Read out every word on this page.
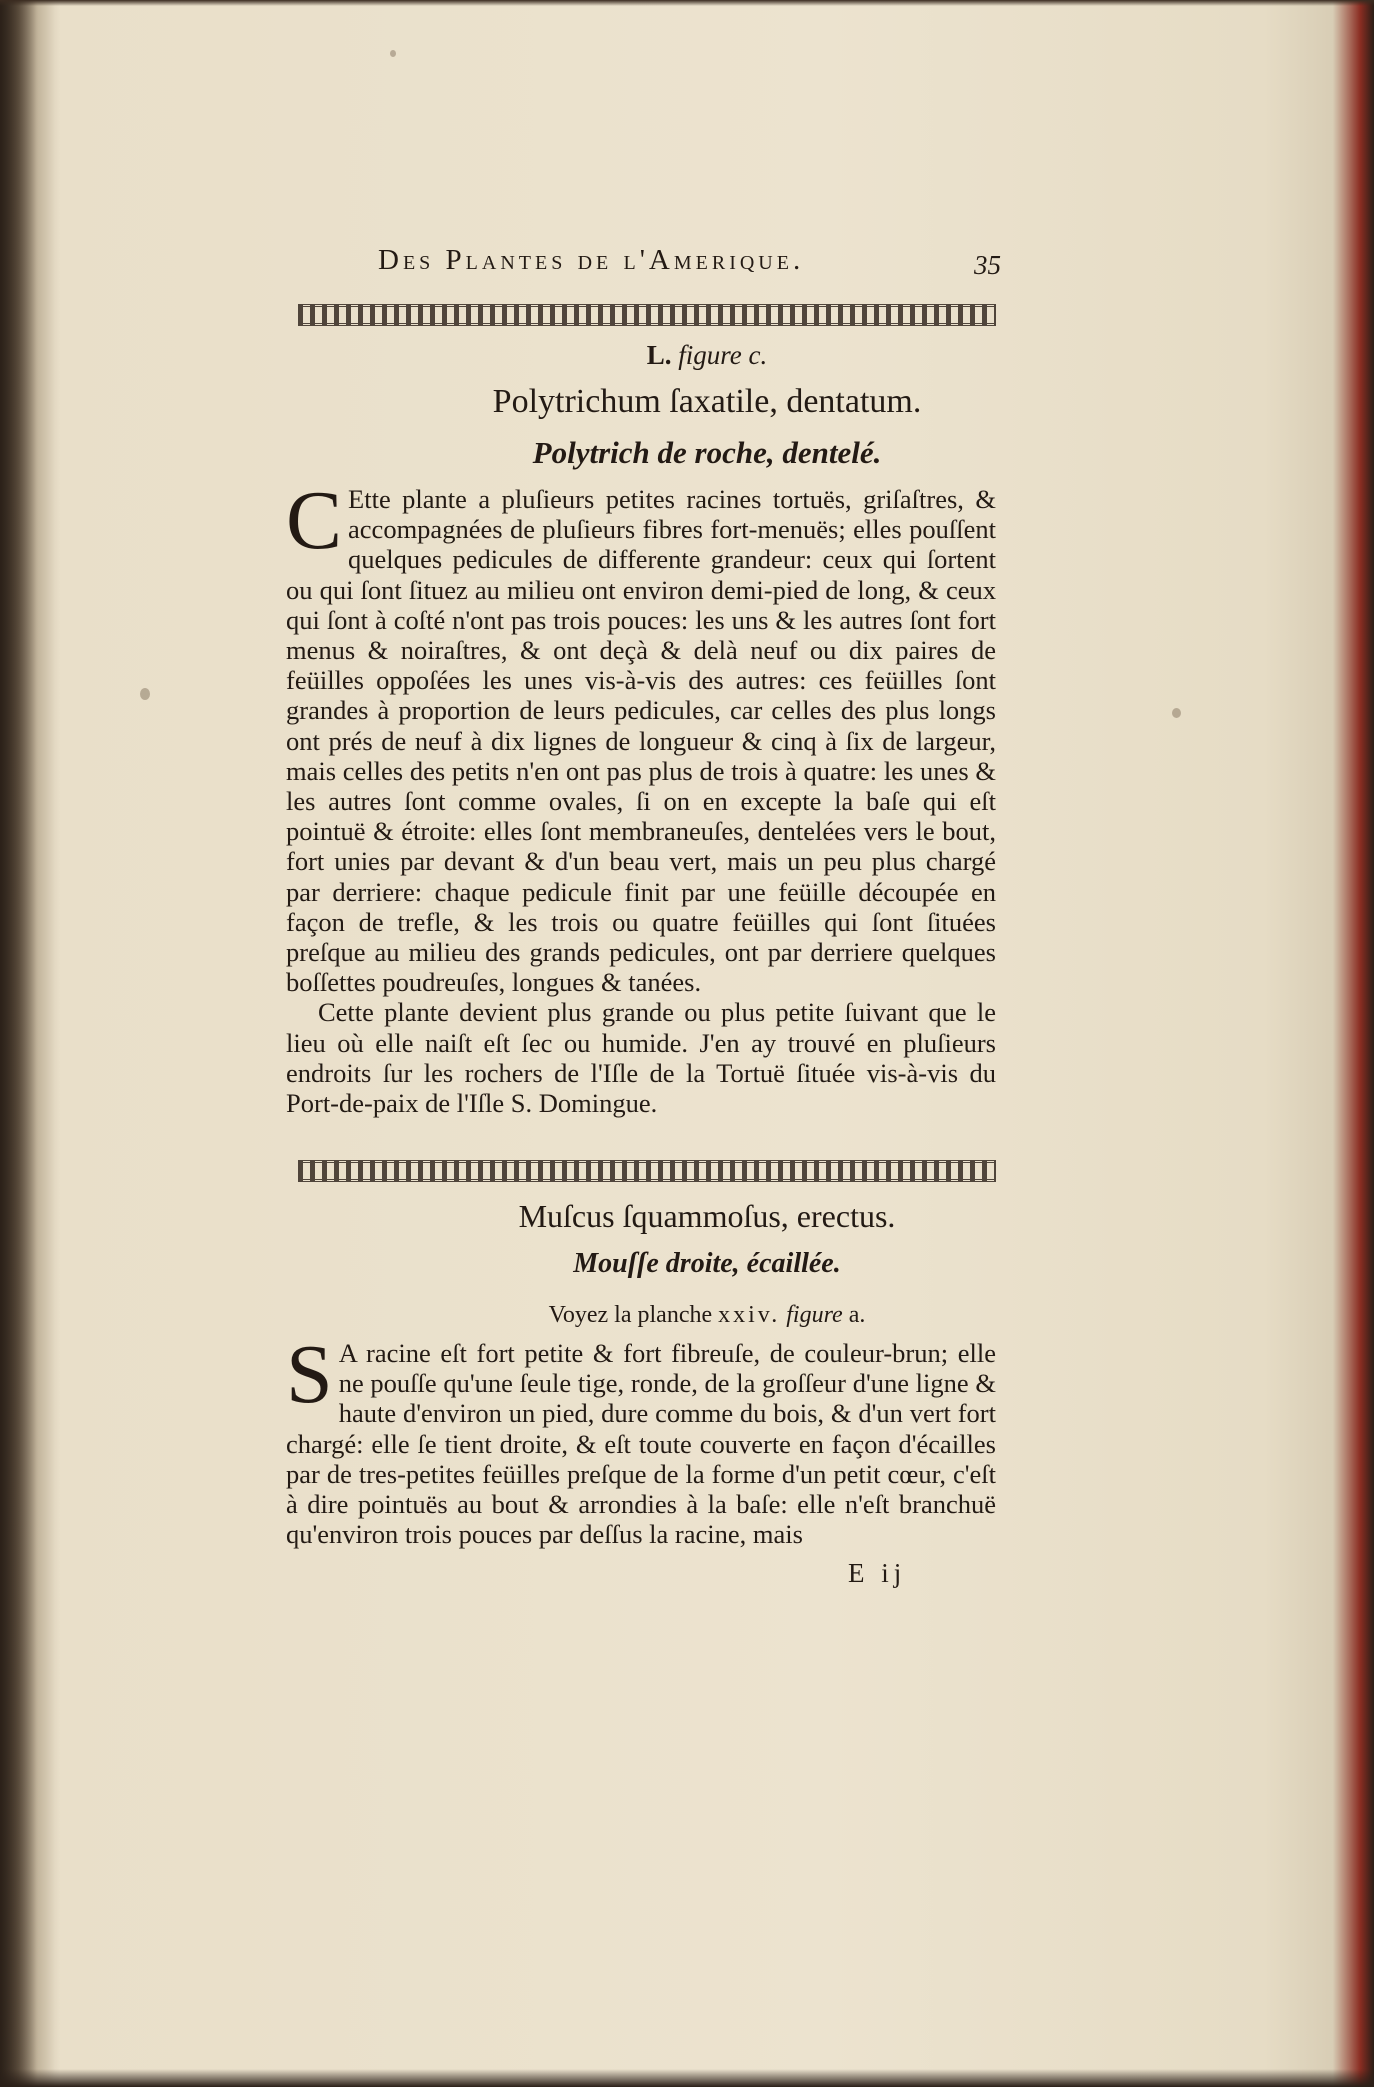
Des Plantes de l'Amerique.	35
L. figure c.
Polytrichum ſaxatile, dentatum.
Polytrich de roche, dentelé.

C Ette plante a pluſieurs petites racines tortuës, griſaſtres, & accompagnées de pluſieurs fibres fort-menuës; elles pouſſent quelques pedicules de differente grandeur: ceux qui ſortent ou qui ſont ſituez au milieu ont environ demi-pied de long, & ceux qui ſont à coſté n'ont pas trois pouces: les uns & les autres ſont fort menus & noiraſtres, & ont deçà & delà neuf ou dix paires de feüilles oppoſées les unes vis-à-vis des autres: ces feüilles ſont grandes à proportion de leurs pedicules, car celles des plus longs ont prés de neuf à dix lignes de longueur & cinq à ſix de largeur, mais celles des petits n'en ont pas plus de trois à quatre: les unes & les autres ſont comme ovales, ſi on en excepte la baſe qui eſt pointuë & étroite: elles ſont membraneuſes, dentelées vers le bout, fort unies par devant & d'un beau vert, mais un peu plus chargé par derriere: chaque pedicule finit par une feüille découpée en façon de trefle, & les trois ou quatre feüilles qui ſont ſituées preſque au milieu des grands pedicules, ont par derriere quelques boſſettes poudreuſes, longues & tanées.

Cette plante devient plus grande ou plus petite ſuivant que le lieu où elle naiſt eſt ſec ou humide. J'en ay trouvé en pluſieurs endroits ſur les rochers de l'Iſle de la Tortuë ſituée vis-à-vis du Port-de-paix de l'Iſle S. Domingue.

Muſcus ſquammoſus, erectus.
Mouſſe droite, écaillée.
Voyez la planche xxiv. figure a.

S A racine eſt fort petite & fort fibreuſe, de couleur-brun; elle ne pouſſe qu'une ſeule tige, ronde, de la groſſeur d'une ligne & haute d'environ un pied, dure comme du bois, & d'un vert fort chargé: elle ſe tient droite, & eſt toute couverte en façon d'écailles par de tres-petites feüilles preſque de la forme d'un petit cœur, c'eſt à dire pointuës au bout & arrondies à la baſe: elle n'eſt branchuë qu'environ trois pouces par deſſus la racine, mais

E ij
